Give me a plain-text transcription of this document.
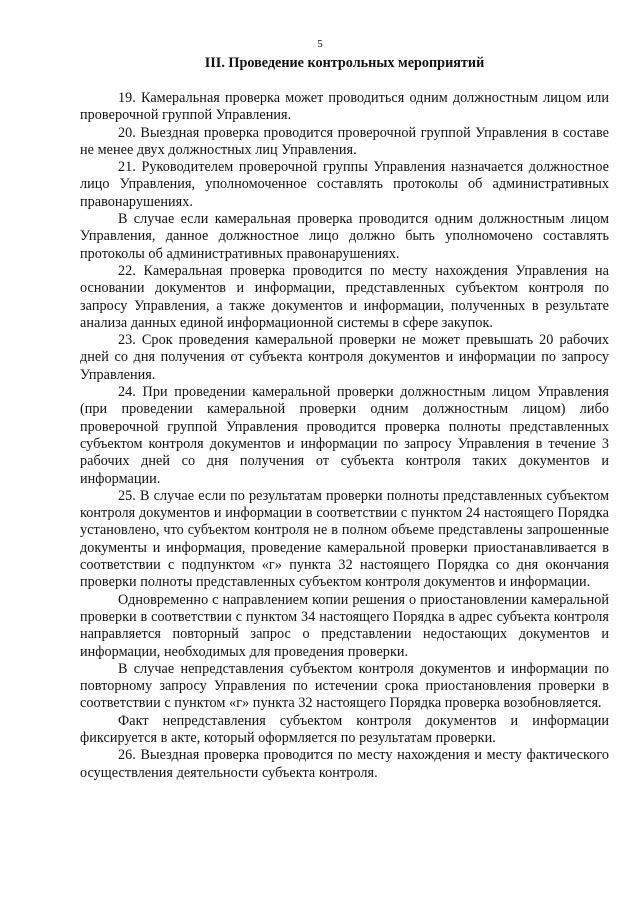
5
III. Проведение контрольных мероприятий

19. Камеральная проверка может проводиться одним должностным лицом или проверочной группой Управления.

20. Выездная проверка проводится проверочной группой Управления в составе не менее двух должностных лиц Управления.

21. Руководителем проверочной группы Управления назначается должностное лицо Управления, уполномоченное составлять протоколы об административных правонарушениях.

В случае если камеральная проверка проводится одним должностным лицом Управления, данное должностное лицо должно быть уполномочено составлять протоколы об административных правонарушениях.

22. Камеральная проверка проводится по месту нахождения Управления на основании документов и информации, представленных субъектом контроля по запросу Управления, а также документов и информации, полученных в результате анализа данных единой информационной системы в сфере закупок.

23. Срок проведения камеральной проверки не может превышать 20 рабочих дней со дня получения от субъекта контроля документов и информации по запросу Управления.

24. При проведении камеральной проверки должностным лицом Управления (при проведении камеральной проверки одним должностным лицом) либо проверочной группой Управления проводится проверка полноты представленных субъектом контроля документов и информации по запросу Управления в течение 3 рабочих дней со дня получения от субъекта контроля таких документов и информации.

25. В случае если по результатам проверки полноты представленных субъектом контроля документов и информации в соответствии с пунктом 24 настоящего Порядка установлено, что субъектом контроля не в полном объеме представлены запрошенные документы и информация, проведение камеральной проверки приостанавливается в соответствии с подпунктом «г» пункта 32 настоящего Порядка со дня окончания проверки полноты представленных субъектом контроля документов и информации.

Одновременно с направлением копии решения о приостановлении камеральной проверки в соответствии с пунктом 34 настоящего Порядка в адрес субъекта контроля направляется повторный запрос о представлении недостающих документов и информации, необходимых для проведения проверки.

В случае непредставления субъектом контроля документов и информации по повторному запросу Управления по истечении срока приостановления проверки в соответствии с пунктом «г» пункта 32 настоящего Порядка проверка возобновляется.

Факт непредставления субъектом контроля документов и информации фиксируется в акте, который оформляется по результатам проверки.

26. Выездная проверка проводится по месту нахождения и месту фактического осуществления деятельности субъекта контроля.
